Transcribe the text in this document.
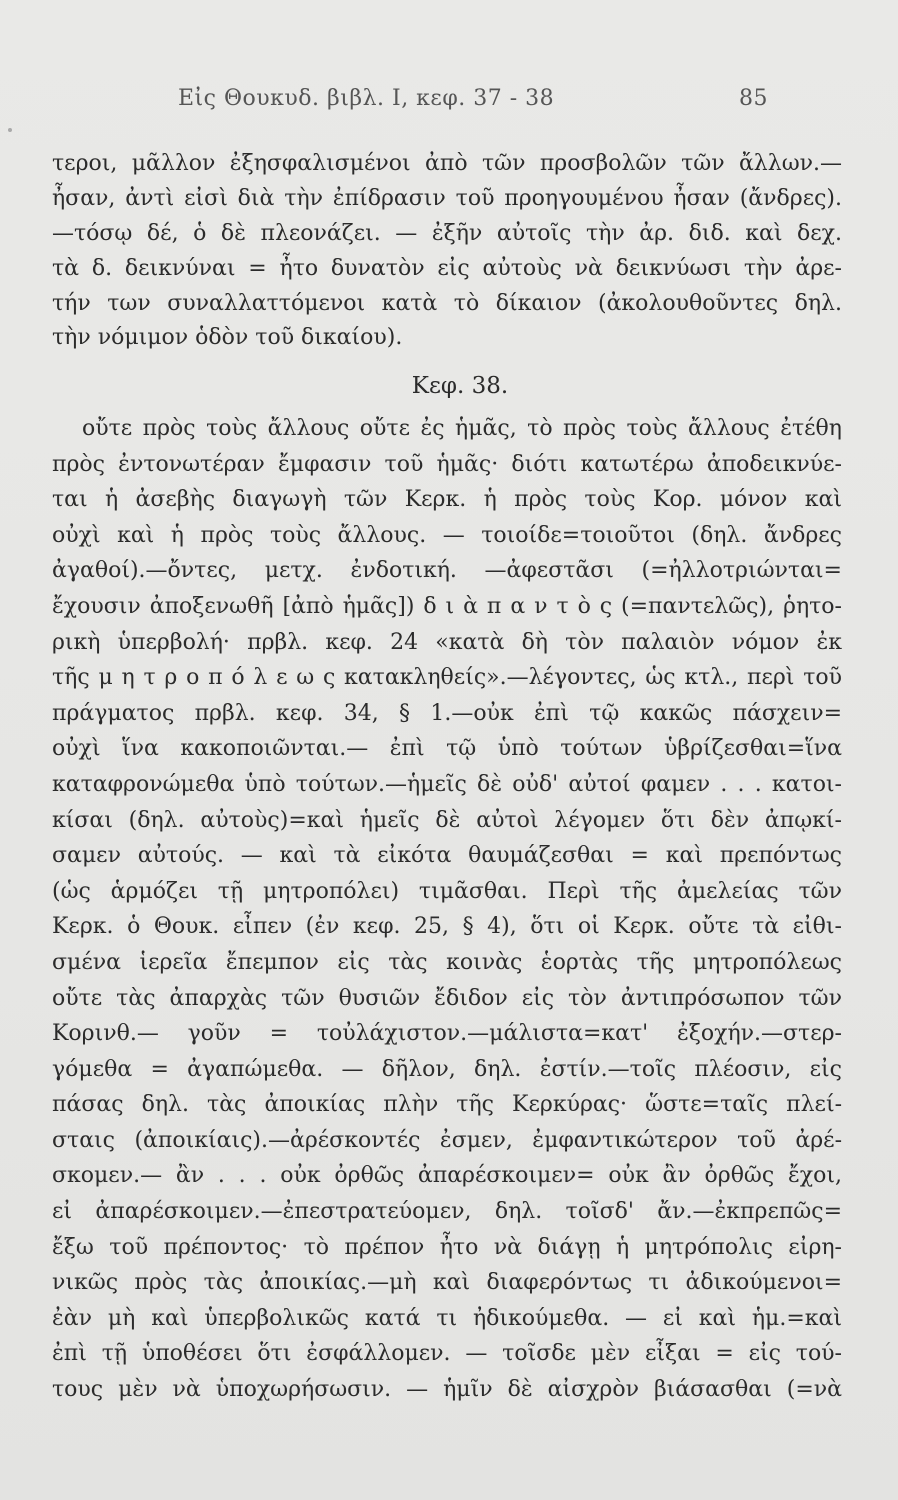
Εἰς Θουκυδ. βιβλ. Ι, κεφ. 37 - 38	85
τεροι, μᾶλλον ἐξησφαλισμένοι ἀπὸ τῶν προσβολῶν τῶν ἄλλων.—
ἦσαν, ἀντὶ εἰσὶ διὰ τὴν ἐπίδρασιν τοῦ προηγουμένου ἦσαν (ἄνδρες).
—τόσῳ δέ, ὁ δὲ πλεονάζει. — ἐξῆν αὐτοῖς τὴν ἀρ. διδ. καὶ δεχ.
τὰ δ. δεικνύναι = ἦτο δυνατὸν εἰς αὐτοὺς νὰ δεικνύωσι τὴν ἀρε-
τήν των συναλλαττόμενοι κατὰ τὸ δίκαιον (ἀκολουθοῦντες δηλ.
τὴν νόμιμον ὁδὸν τοῦ δικαίου).
Κεφ. 38.
οὔτε πρὸς τοὺς ἄλλους οὔτε ἐς ἡμᾶς, τὸ πρὸς τοὺς ἄλλους ἐτέθη
πρὸς ἐντονωτέραν ἔμφασιν τοῦ ἡμᾶς· διότι κατωτέρω ἀποδεικνύε-
ται ἡ ἀσεβὴς διαγωγὴ τῶν Κερκ. ἡ πρὸς τοὺς Κορ. μόνον καὶ
οὐχὶ καὶ ἡ πρὸς τοὺς ἄλλους. — τοιοίδε=τοιοῦτοι (δηλ. ἄνδρες
ἀγαθοί).—ὄντες, μετχ. ἐνδοτική. —ἀφεστᾶσι (=ἠλλοτριώνται=
ἔχουσιν ἀποξενωθῆ [ἀπὸ ἡμᾶς]) δ ι ὰ π α ν τ ὸ ς (=παντελῶς), ῥητο-
ρικὴ ὑπερβολή· πρβλ. κεφ. 24 «κατὰ δὴ τὸν παλαιὸν νόμον ἐκ
τῆς μ η τ ρ ο π ό λ ε ω ς κατακληθείς».—λέγοντες, ὡς κτλ., περὶ τοῦ
πράγματος πρβλ. κεφ. 34, § 1.—οὐκ ἐπὶ τῷ κακῶς πάσχειν=
οὐχὶ ἵνα κακοποιῶνται.— ἐπὶ τῷ ὑπὸ τούτων ὑβρίζεσθαι=ἵνα
καταφρονώμεθα ὑπὸ τούτων.—ἡμεῖς δὲ οὐδ' αὐτοί φαμεν . . . κατοι-
κίσαι (δηλ. αὐτοὺς)=καὶ ἡμεῖς δὲ αὐτοὶ λέγομεν ὅτι δὲν ἀπῳκί-
σαμεν αὐτούς. — καὶ τὰ εἰκότα θαυμάζεσθαι = καὶ πρεπόντως
(ὡς ἁρμόζει τῇ μητροπόλει) τιμᾶσθαι. Περὶ τῆς ἀμελείας τῶν
Κερκ. ὁ Θουκ. εἶπεν (ἐν κεφ. 25, § 4), ὅτι οἱ Κερκ. οὔτε τὰ εἰθι-
σμένα ἱερεῖα ἔπεμπον εἰς τὰς κοινὰς ἑορτὰς τῆς μητροπόλεως
οὔτε τὰς ἀπαρχὰς τῶν θυσιῶν ἔδιδον εἰς τὸν ἀντιπρόσωπον τῶν
Κορινθ.— γοῦν = τοὐλάχιστον.—μάλιστα=κατ' ἐξοχήν.—στερ-
γόμεθα = ἀγαπώμεθα. — δῆλον, δηλ. ἐστίν.—τοῖς πλέοσιν, εἰς
πάσας δηλ. τὰς ἀποικίας πλὴν τῆς Κερκύρας· ὥστε=ταῖς πλεί-
σταις (ἀποικίαις).—ἀρέσκοντές ἐσμεν, ἐμφαντικώτερον τοῦ ἀρέ-
σκομεν.— ἂν . . . οὐκ ὀρθῶς ἀπαρέσκοιμεν= οὐκ ἂν ὀρθῶς ἔχοι,
εἰ ἀπαρέσκοιμεν.—ἐπεστρατεύομεν, δηλ. τοῖσδ' ἄν.—ἐκπρεπῶς=
ἔξω τοῦ πρέποντος· τὸ πρέπον ἦτο νὰ διάγῃ ἡ μητρόπολις εἰρη-
νικῶς πρὸς τὰς ἀποικίας.—μὴ καὶ διαφερόντως τι ἀδικούμενοι=
ἐὰν μὴ καὶ ὑπερβολικῶς κατά τι ἠδικούμεθα. — εἰ καὶ ἡμ.=καὶ
ἐπὶ τῇ ὑποθέσει ὅτι ἐσφάλλομεν. — τοῖσδε μὲν εἶξαι = εἰς τού-
τους μὲν νὰ ὑποχωρήσωσιν. — ἡμῖν δὲ αἰσχρὸν βιάσασθαι (=νὰ
